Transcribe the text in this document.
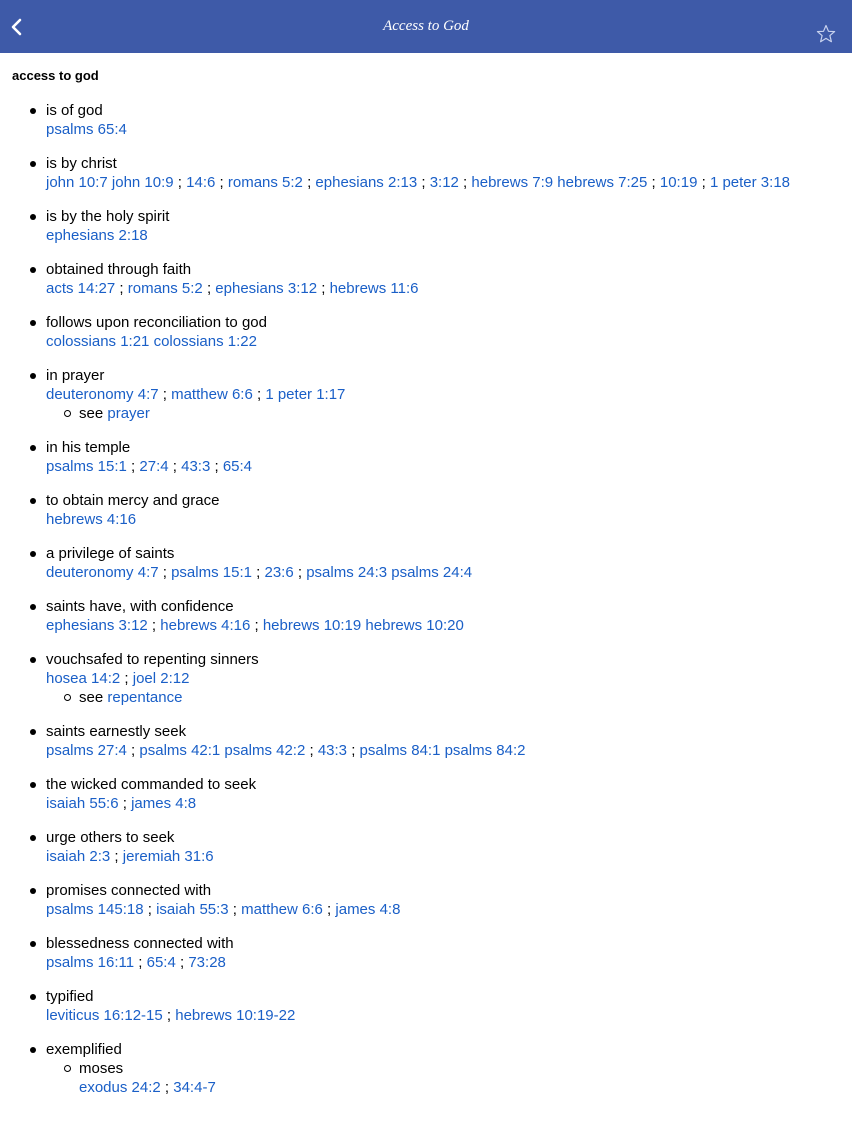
Access to God
access to god
is of god
psalms 65:4
is by christ
john 10:7 john 10:9 ; 14:6 ; romans 5:2 ; ephesians 2:13 ; 3:12 ; hebrews 7:9 hebrews 7:25 ; 10:19 ; 1 peter 3:18
is by the holy spirit
ephesians 2:18
obtained through faith
acts 14:27 ; romans 5:2 ; ephesians 3:12 ; hebrews 11:6
follows upon reconciliation to god
colossians 1:21 colossians 1:22
in prayer
deuteronomy 4:7 ; matthew 6:6 ; 1 peter 1:17
see prayer
in his temple
psalms 15:1 ; 27:4 ; 43:3 ; 65:4
to obtain mercy and grace
hebrews 4:16
a privilege of saints
deuteronomy 4:7 ; psalms 15:1 ; 23:6 ; psalms 24:3 psalms 24:4
saints have, with confidence
ephesians 3:12 ; hebrews 4:16 ; hebrews 10:19 hebrews 10:20
vouchsafed to repenting sinners
hosea 14:2 ; joel 2:12
see repentance
saints earnestly seek
psalms 27:4 ; psalms 42:1 psalms 42:2 ; 43:3 ; psalms 84:1 psalms 84:2
the wicked commanded to seek
isaiah 55:6 ; james 4:8
urge others to seek
isaiah 2:3 ; jeremiah 31:6
promises connected with
psalms 145:18 ; isaiah 55:3 ; matthew 6:6 ; james 4:8
blessedness connected with
psalms 16:11 ; 65:4 ; 73:28
typified
leviticus 16:12-15 ; hebrews 10:19-22
exemplified
moses
exodus 24:2 ; 34:4-7
